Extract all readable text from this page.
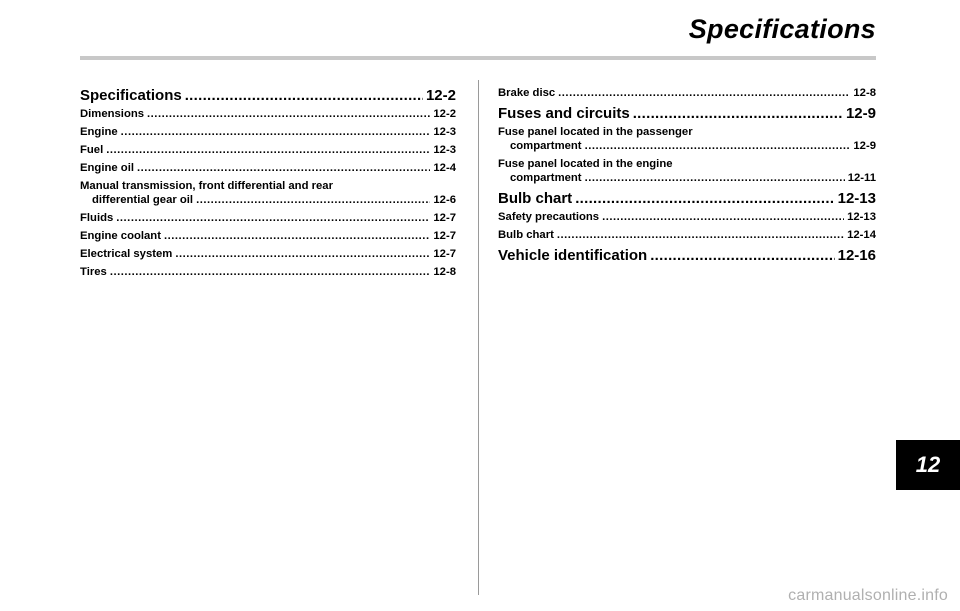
Specifications
Specifications .....	12-2
Dimensions .....	12-2
Engine .....	12-3
Fuel .....	12-3
Engine oil .....	12-4
Manual transmission, front differential and rear
differential gear oil .....	12-6
Fluids .....	12-7
Engine coolant .....	12-7
Electrical system .....	12-7
Tires .....	12-8
Brake disc .....	12-8
Fuses and circuits .....	12-9
Fuse panel located in the passenger
compartment .....	12-9
Fuse panel located in the engine
compartment .....	12-11
Bulb chart .....	12-13
Safety precautions .....	12-13
Bulb chart .....	12-14
Vehicle identification .....	12-16
12
carmanualsonline.info
